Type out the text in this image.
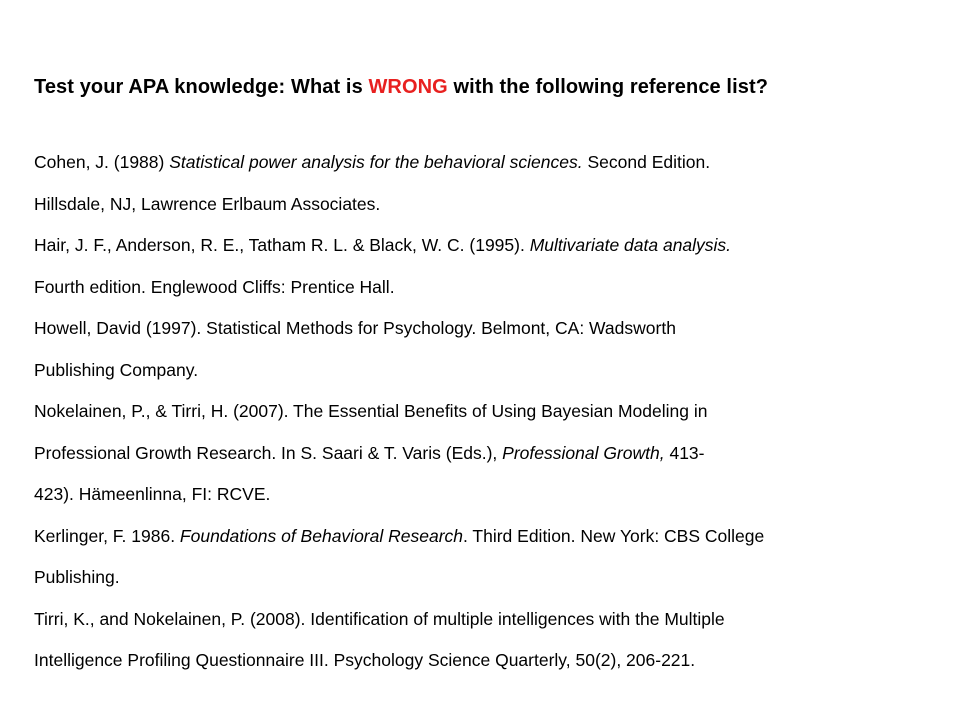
Test your APA knowledge: What is WRONG with the following reference list?
Cohen, J. (1988) Statistical power analysis for the behavioral sciences. Second Edition.
Hillsdale, NJ, Lawrence Erlbaum Associates.
Hair, J. F., Anderson, R. E., Tatham R. L. & Black, W. C. (1995). Multivariate data analysis.
Fourth edition. Englewood Cliffs: Prentice Hall.
Howell, David (1997). Statistical Methods for Psychology. Belmont, CA: Wadsworth
Publishing Company.
Nokelainen, P., & Tirri, H. (2007). The Essential Benefits of Using Bayesian Modeling in
Professional Growth Research. In S. Saari & T. Varis (Eds.), Professional Growth, 413-
423). Hämeenlinna, FI: RCVE.
Kerlinger, F. 1986. Foundations of Behavioral Research. Third Edition. New York: CBS College
Publishing.
Tirri, K., and Nokelainen, P. (2008). Identification of multiple intelligences with the Multiple
Intelligence Profiling Questionnaire III. Psychology Science Quarterly, 50(2), 206-221.
